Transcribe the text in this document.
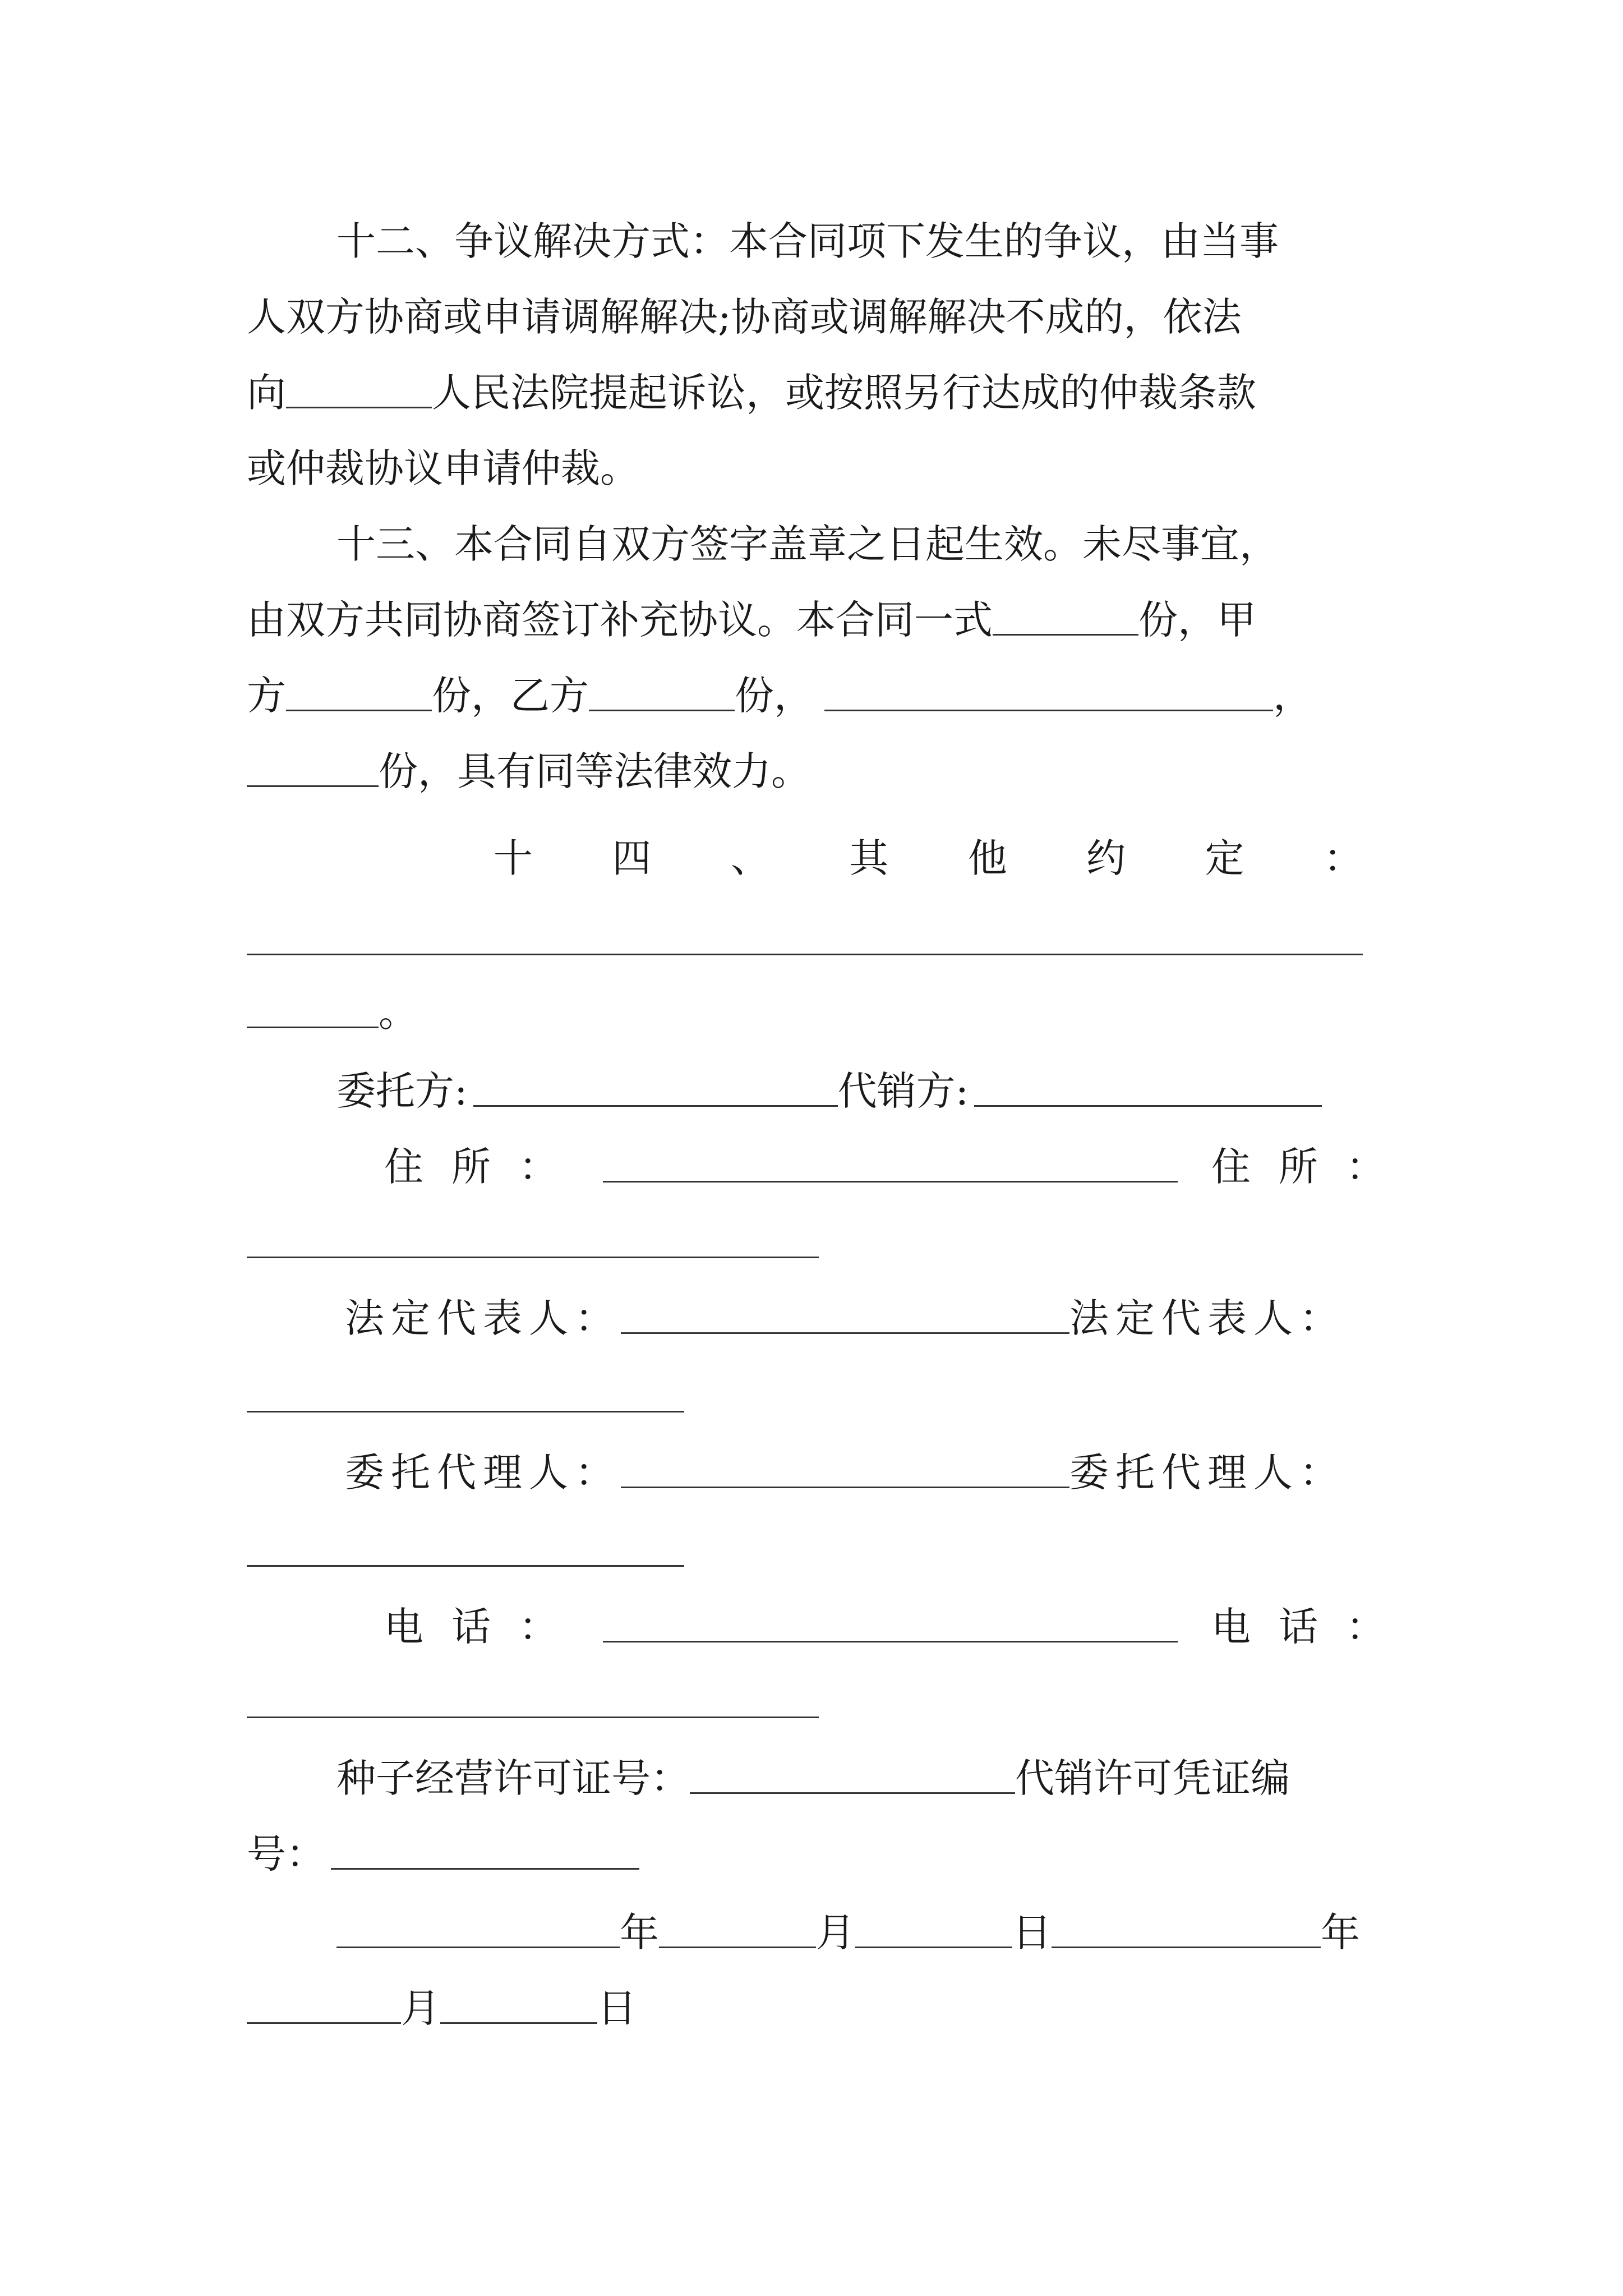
十二、争议解决方式：本合同项下发生的争议，由当事
人双方协商或申请调解解决;协商或调解解决不成的，依法
向	人民法院提起诉讼，或按照另行达成的仲裁条款
或仲裁协议申请仲裁。
十三、本合同自双方签字盖章之日起生效。未尽事宜，
由双方共同协商签订补充协议。本合同一式	份，甲
方	份，乙方	份，	，
份，具有同等法律效力。
十 四 、 其 他 约 定 ：
。
委托方:	代销方:
住 所 ：	住 所 ：
法定代表人：	法定代表人：
委托代理人：	委托代理人：
电 话 ：	电 话 ：
种子经营许可证号：	代销许可凭证编
号：
年	月	日	年
月	日
